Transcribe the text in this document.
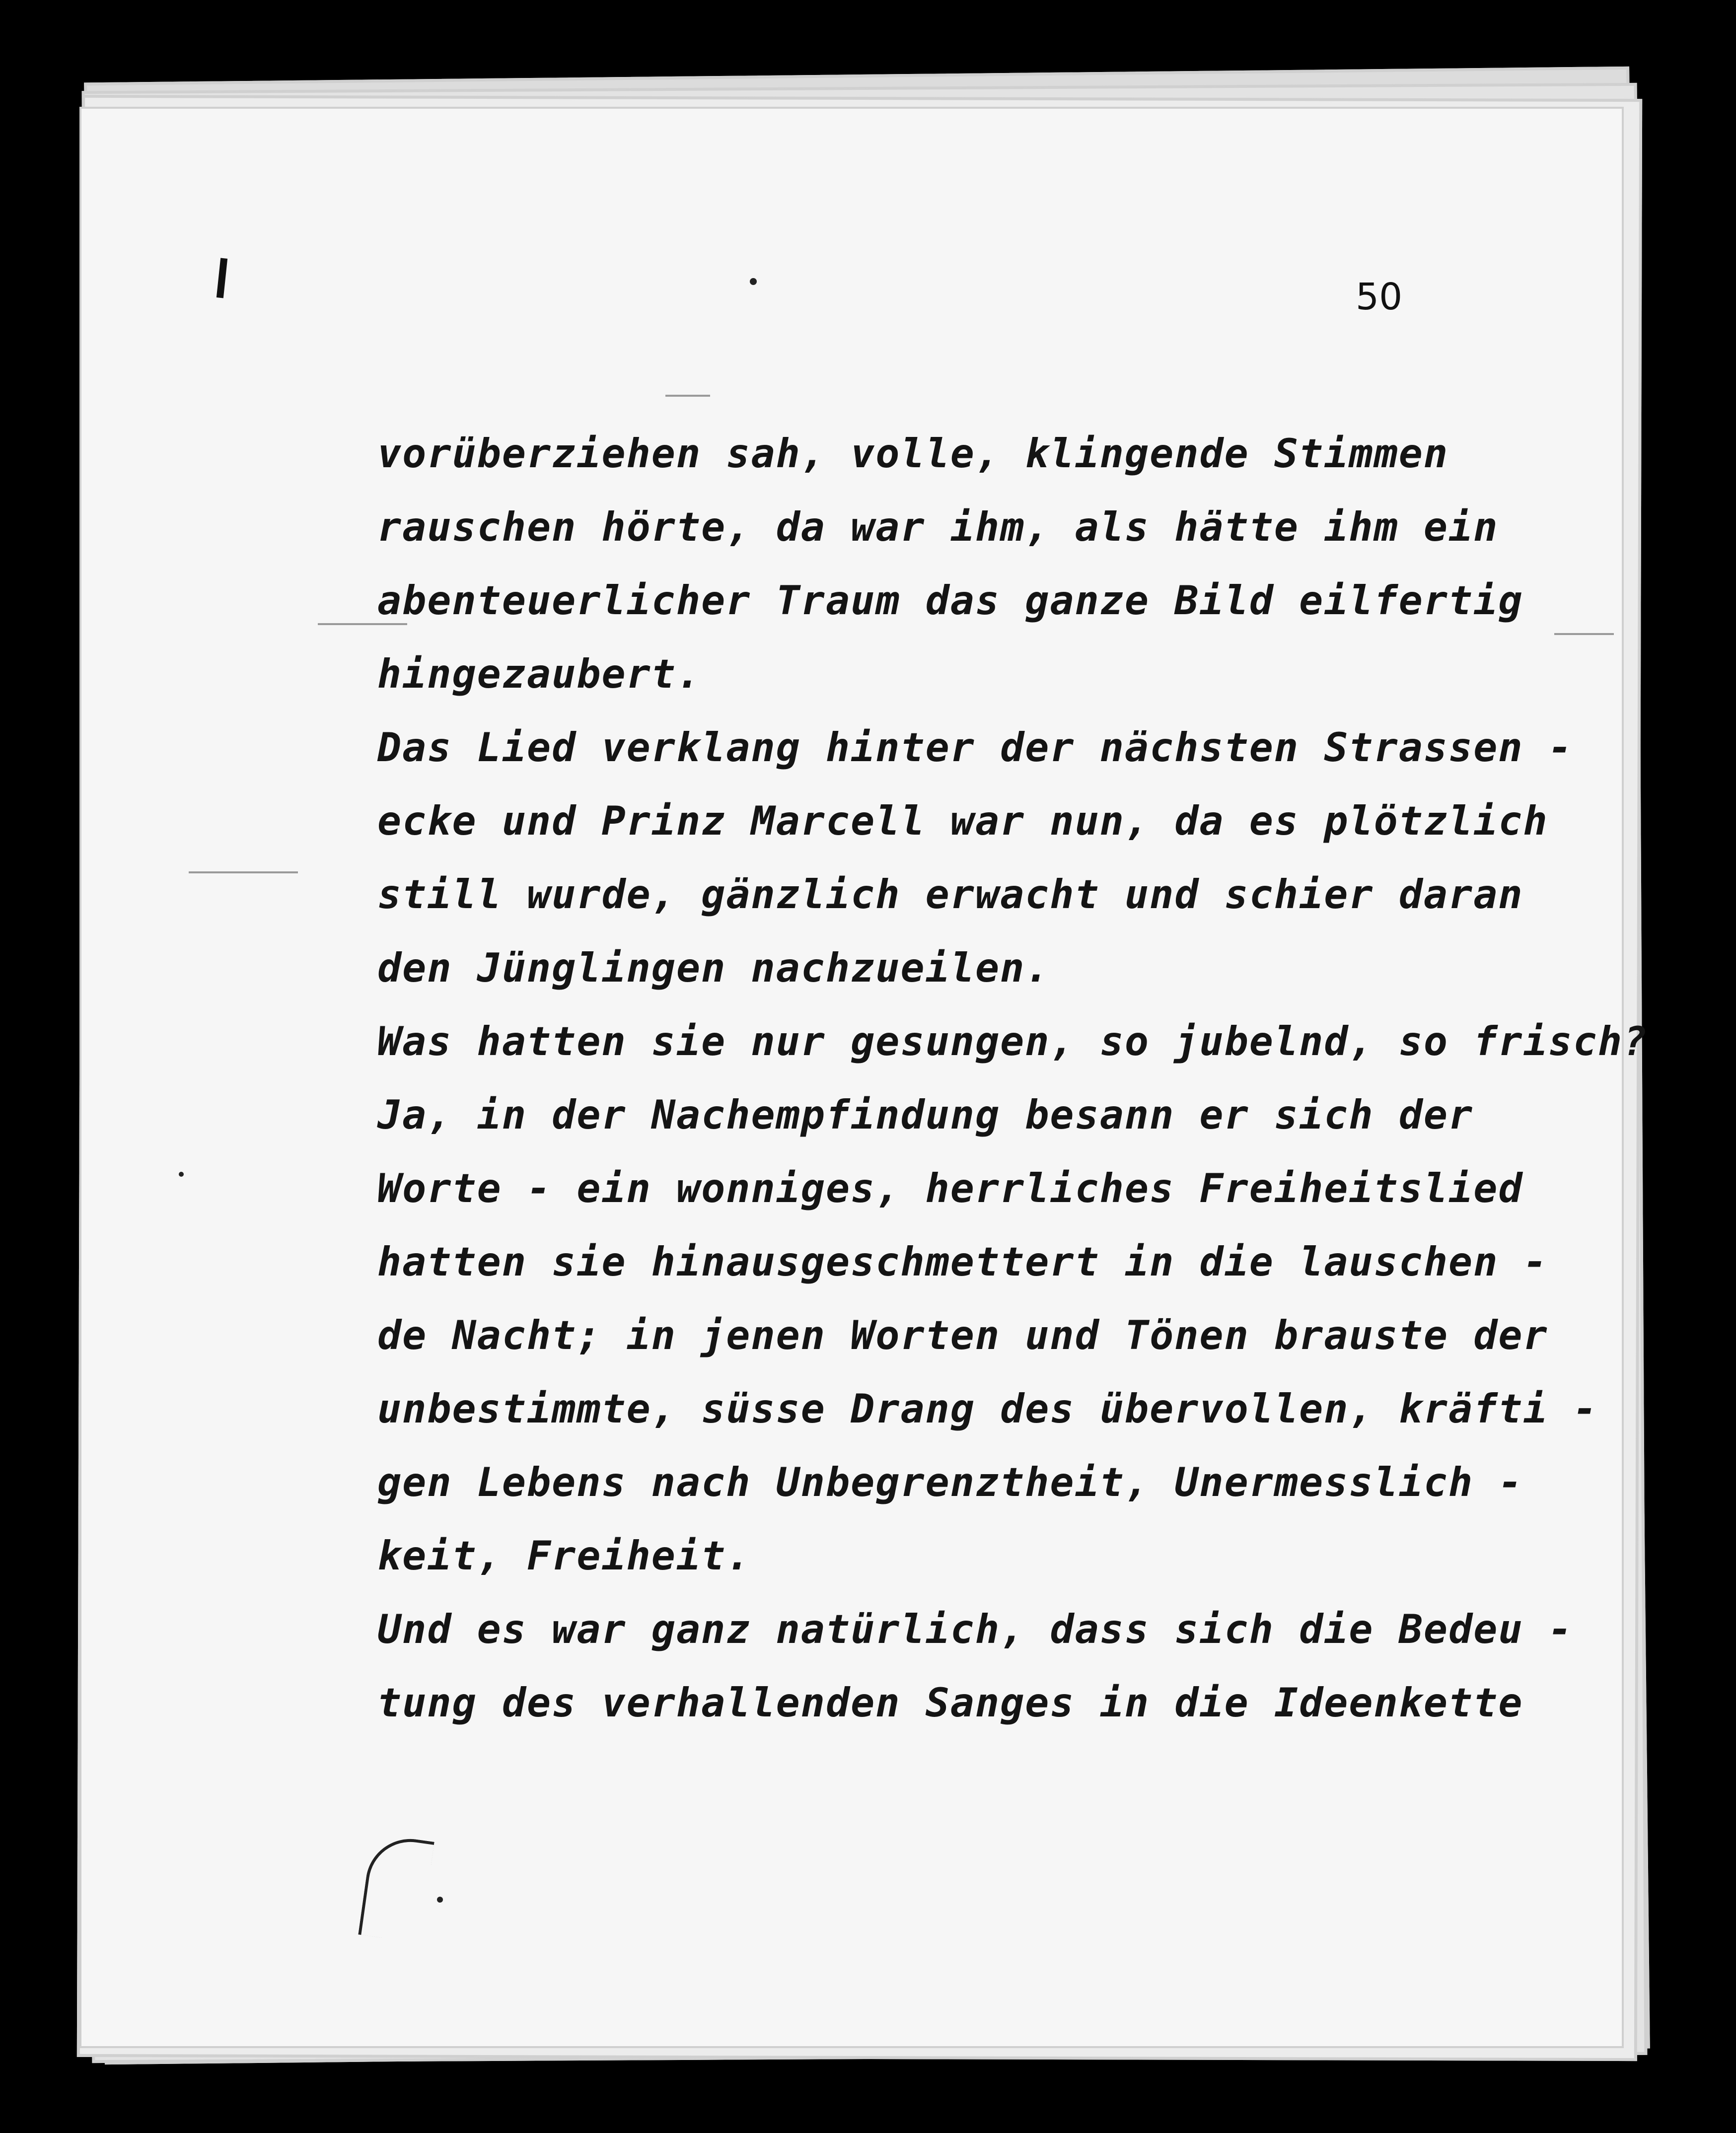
50
vorüberziehen sah, volle, klingende Stimmen
rauschen hörte, da war ihm, als hätte ihm ein
abenteuerlicher Traum das ganze Bild eilfertig
hingezaubert.
Das Lied verklang hinter der nächsten Strassen -
ecke und Prinz Marcell war nun, da es plötzlich
still wurde, gänzlich erwacht und schier daran
den Jünglingen nachzueilen.
Was hatten sie nur gesungen, so jubelnd, so frisch?
Ja, in der Nachempfindung besann er sich der
Worte - ein wonniges, herrliches Freiheitslied
hatten sie hinausgeschmettert in die lauschen -
de Nacht; in jenen Worten und Tönen brauste der
unbestimmte, süsse Drang des übervollen, kräfti -
gen Lebens nach Unbegrenztheit, Unermesslich -
keit, Freiheit.
Und es war ganz natürlich, dass sich die Bedeu -
tung des verhallenden Sanges in die Ideenkette
